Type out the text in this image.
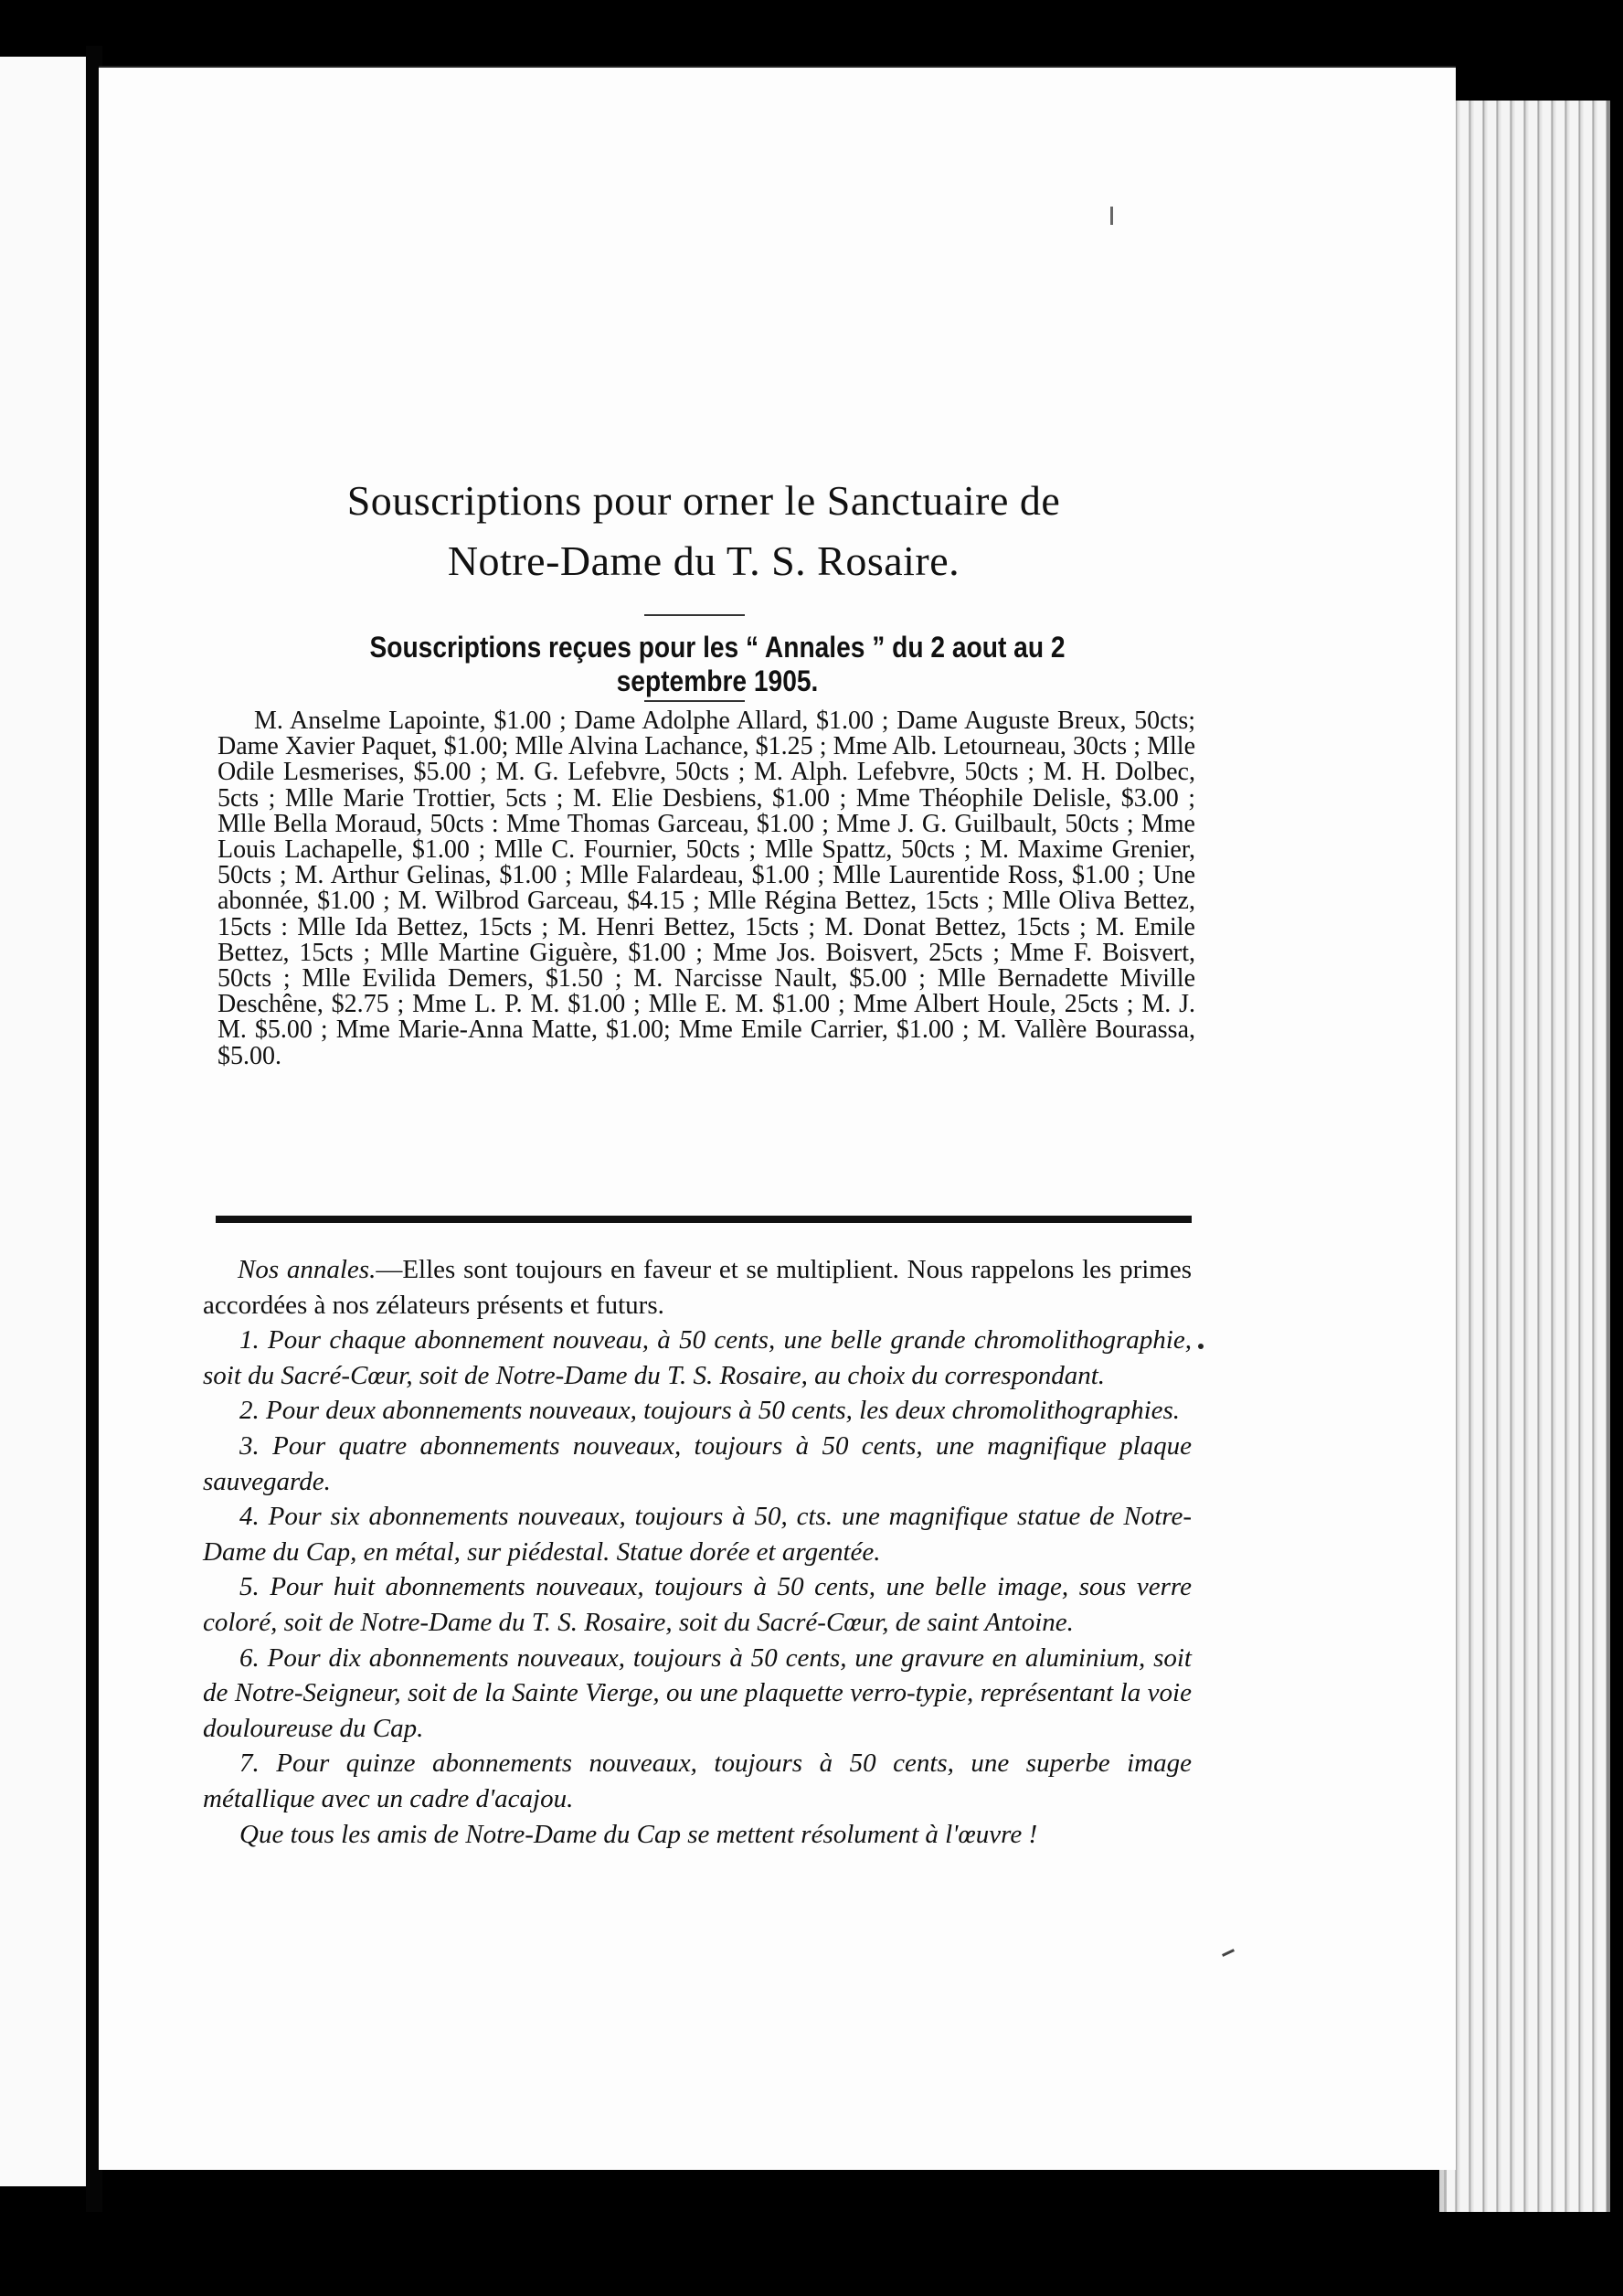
Souscriptions pour orner le Sanctuaire de
Notre-Dame du T. S. Rosaire.
Souscriptions reçues pour les “ Annales ” du 2 aout au 2 septembre 1905.
M. Anselme Lapointe, $1.00 ; Dame Adolphe Allard, $1.00 ; Dame Auguste Breux, 50cts; Dame Xavier Paquet, $1.00; Mlle Alvina Lachance, $1.25 ; Mme Alb. Letourneau, 30cts ; Mlle Odile Lesmerises, $5.00 ; M. G. Lefebvre, 50cts ; M. Alph. Lefebvre, 50cts ; M. H. Dolbec, 5cts ; Mlle Marie Trottier, 5cts ; M. Elie Desbiens, $1.00 ; Mme Théophile Delisle, $3.00 ; Mlle Bella Moraud, 50cts : Mme Thomas Garceau, $1.00 ; Mme J. G. Guilbault, 50cts ; Mme Louis Lachapelle, $1.00 ; Mlle C. Fournier, 50cts ; Mlle Spattz, 50cts ; M. Maxime Grenier, 50cts ; M. Arthur Gelinas, $1.00 ; Mlle Falardeau, $1.00 ; Mlle Laurentide Ross, $1.00 ; Une abonnée, $1.00 ; M. Wilbrod Garceau, $4.15 ; Mlle Régina Bettez, 15cts ; Mlle Oliva Bettez, 15cts : Mlle Ida Bettez, 15cts ; M. Henri Bettez, 15cts ; M. Donat Bettez, 15cts ; M. Emile Bettez, 15cts ; Mlle Martine Giguère, $1.00 ; Mme Jos. Boisvert, 25cts ; Mme F. Boisvert, 50cts ; Mlle Evilida Demers, $1.50 ; M. Narcisse Nault, $5.00 ; Mlle Bernadette Miville Deschêne, $2.75 ; Mme L. P. M. $1.00 ; Mlle E. M. $1.00 ; Mme Albert Houle, 25cts ; M. J. M. $5.00 ; Mme Marie-Anna Matte, $1.00; Mme Emile Carrier, $1.00 ; M. Vallère Bourassa, $5.00.

Nos annales.—Elles sont toujours en faveur et se multiplient. Nous rappelons les primes accordées à nos zélateurs présents et futurs.

1. Pour chaque abonnement nouveau, à 50 cents, une belle grande chromolithographie, soit du Sacré-Cœur, soit de Notre-Dame du T. S. Rosaire, au choix du correspondant.

2. Pour deux abonnements nouveaux, toujours à 50 cents, les deux chromolithographies.

3. Pour quatre abonnements nouveaux, toujours à 50 cents, une magnifique plaque sauvegarde.

4. Pour six abonnements nouveaux, toujours à 50, cts. une magnifique statue de Notre-Dame du Cap, en métal, sur piédestal. Statue dorée et argentée.

5. Pour huit abonnements nouveaux, toujours à 50 cents, une belle image, sous verre coloré, soit de Notre-Dame du T. S. Rosaire, soit du Sacré-Cœur, de saint Antoine.

6. Pour dix abonnements nouveaux, toujours à 50 cents, une gravure en aluminium, soit de Notre-Seigneur, soit de la Sainte Vierge, ou une plaquette verro-typie, représentant la voie douloureuse du Cap.

7. Pour quinze abonnements nouveaux, toujours à 50 cents, une superbe image métallique avec un cadre d'acajou.

Que tous les amis de Notre-Dame du Cap se mettent résolument à l'œuvre !
